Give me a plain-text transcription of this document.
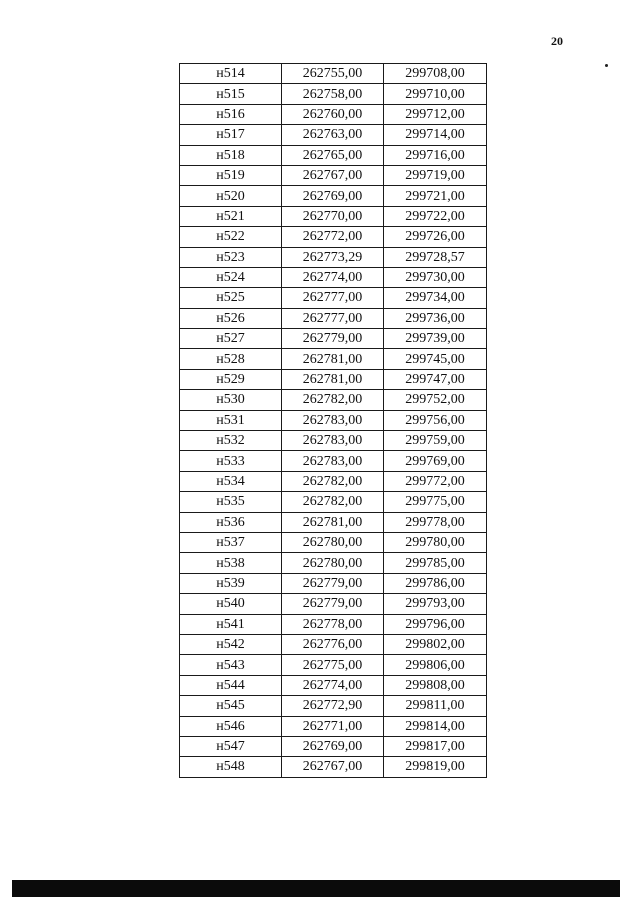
20
н514	262755,00	299708,00
н515	262758,00	299710,00
н516	262760,00	299712,00
н517	262763,00	299714,00
н518	262765,00	299716,00
н519	262767,00	299719,00
н520	262769,00	299721,00
н521	262770,00	299722,00
н522	262772,00	299726,00
н523	262773,29	299728,57
н524	262774,00	299730,00
н525	262777,00	299734,00
н526	262777,00	299736,00
н527	262779,00	299739,00
н528	262781,00	299745,00
н529	262781,00	299747,00
н530	262782,00	299752,00
н531	262783,00	299756,00
н532	262783,00	299759,00
н533	262783,00	299769,00
н534	262782,00	299772,00
н535	262782,00	299775,00
н536	262781,00	299778,00
н537	262780,00	299780,00
н538	262780,00	299785,00
н539	262779,00	299786,00
н540	262779,00	299793,00
н541	262778,00	299796,00
н542	262776,00	299802,00
н543	262775,00	299806,00
н544	262774,00	299808,00
н545	262772,90	299811,00
н546	262771,00	299814,00
н547	262769,00	299817,00
н548	262767,00	299819,00
